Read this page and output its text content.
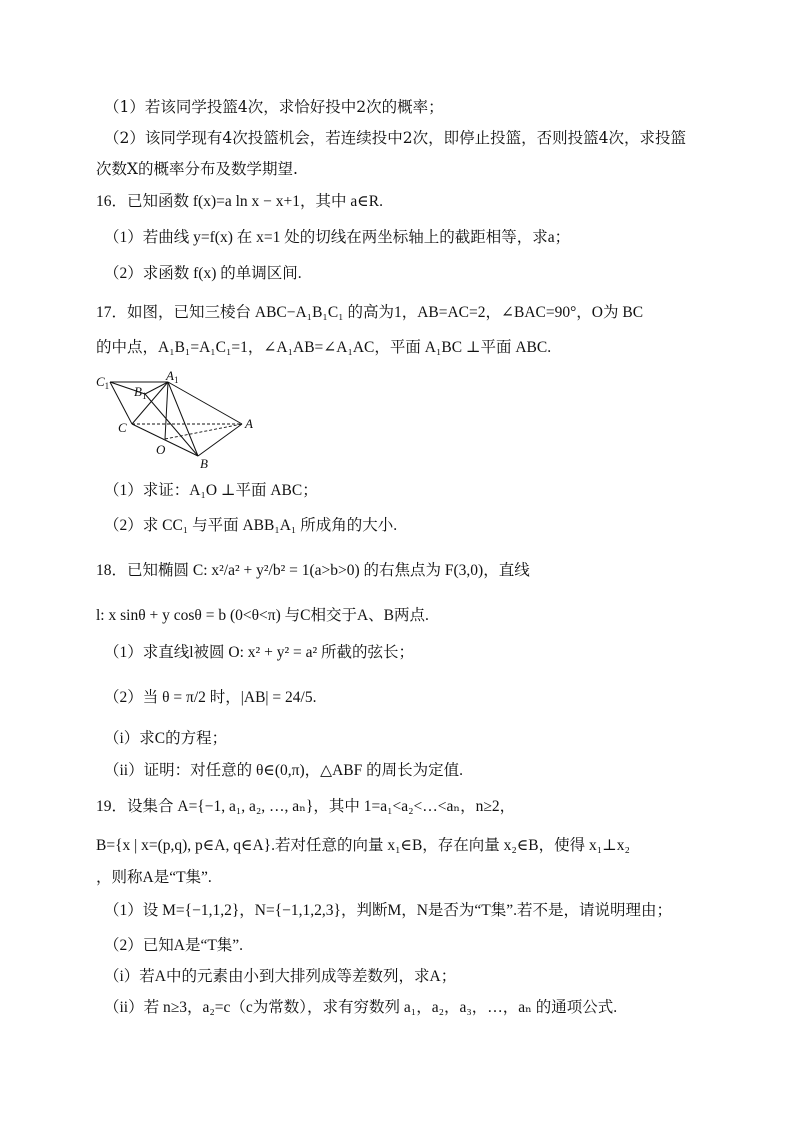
（1）若该同学投篮4次，求恰好投中2次的概率；
（2）该同学现有4次投篮机会，若连续投中2次，即停止投篮，否则投篮4次，求投篮
次数X的概率分布及数学期望.
16．已知函数 f(x)=a ln x − x+1，其中 a∈R.
（1）若曲线 y=f(x) 在 x=1 处的切线在两坐标轴上的截距相等，求a；
（2）求函数 f(x) 的单调区间.
17．如图，已知三棱台 ABC−A₁B₁C₁ 的高为1，AB=AC=2，∠BAC=90°，O为 BC
的中点，A₁B₁=A₁C₁=1，∠A₁AB=∠A₁AC，平面 A₁BC ⊥平面 ABC.
$C_1$ $B_1$
$A_1$
C
O
A
B
（1）求证：A₁O ⊥平面 ABC；
（2）求 CC₁ 与平面 ABB₁A₁ 所成角的大小.
18．已知椭圆 C: x²/a² + y²/b² = 1(a>b>0) 的右焦点为 F(3,0)，直线
l: x sinθ + y cosθ = b (0<θ<π) 与C相交于A、B两点.
（1）求直线l被圆 O: x² + y² = a² 所截的弦长；
（2）当 θ = π/2 时，|AB| = 24/5.
（i）求C的方程；
（ii）证明：对任意的 θ∈(0,π)，△ABF 的周长为定值.
19．设集合 A={−1, a₁, a₂, …, aₙ}，其中 1=a₁<a₂<…<aₙ，n≥2，
B={x | x=(p,q), p∈A, q∈A}.若对任意的向量 x₁∈B，存在向量 x₂∈B，使得 x₁⊥x₂
，则称A是“T集”.
（1）设 M={−1,1,2}，N={−1,1,2,3}，判断M，N是否为“T集”.若不是，请说明理由；
（2）已知A是“T集”.
（i）若A中的元素由小到大排列成等差数列，求A；
（ii）若 n≥3，a₂=c（c为常数），求有穷数列 a₁，a₂，a₃，…，aₙ 的通项公式.
